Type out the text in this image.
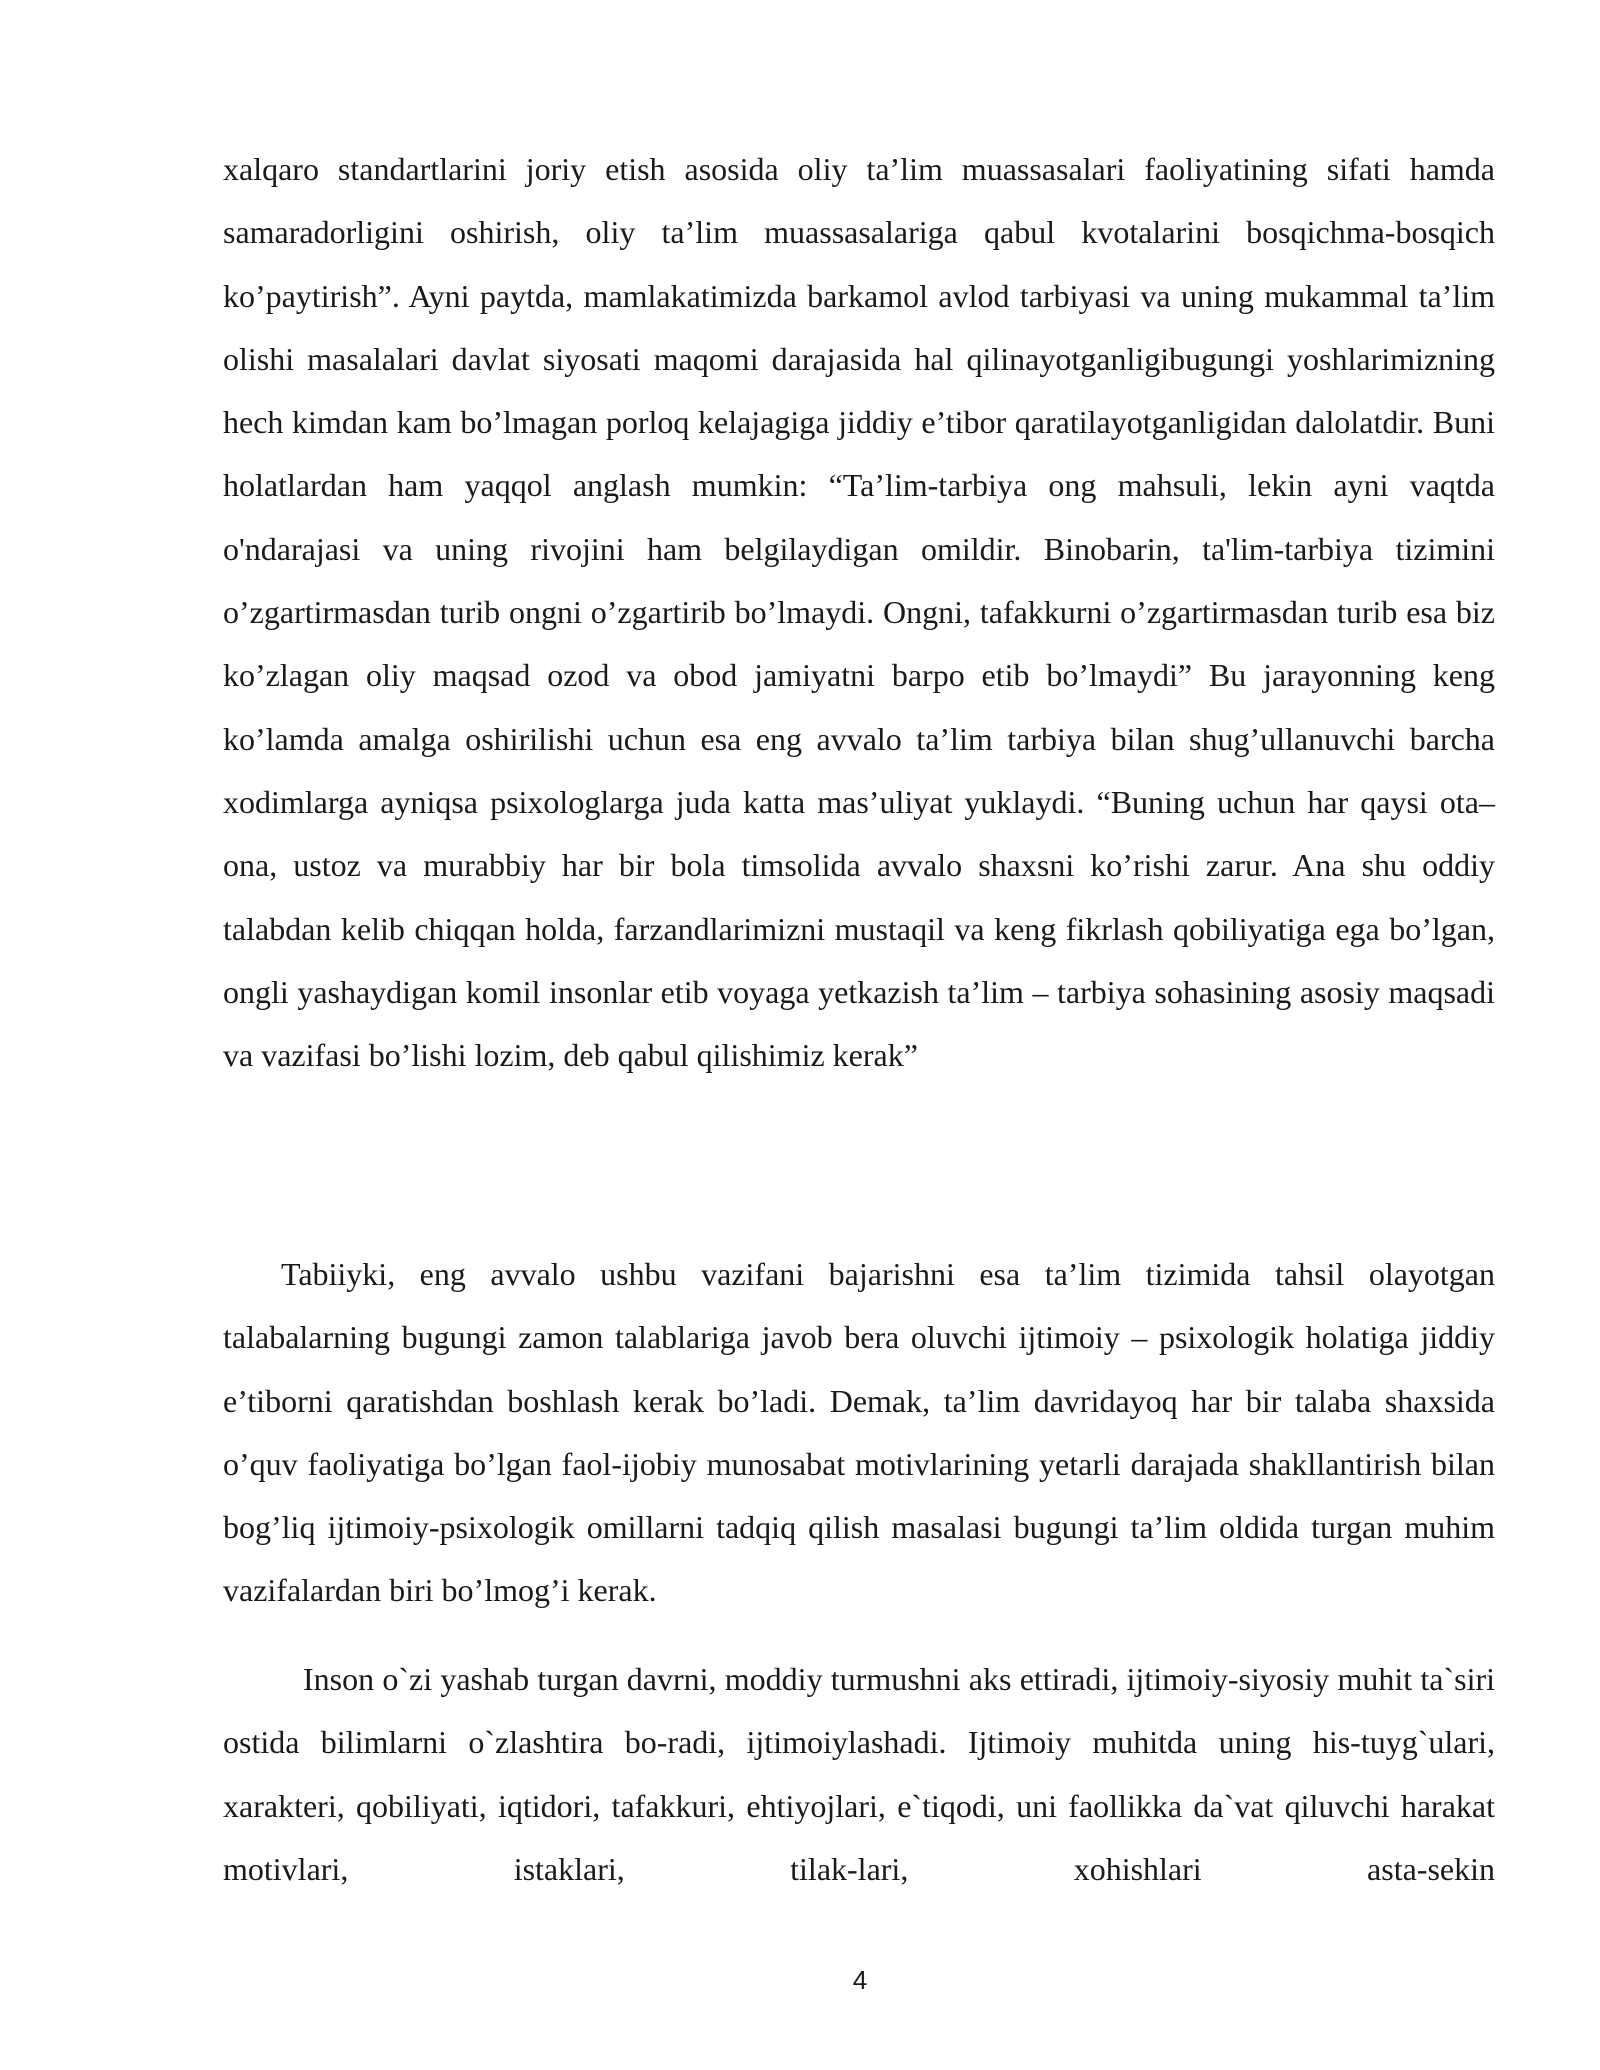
xalqaro standartlarini joriy etish asosida oliy ta’lim muassasalari faoliyatining sifati hamda samaradorligini oshirish, oliy ta’lim muassasalariga qabul kvotalarini bosqichma-bosqich ko’paytirish”. Ayni paytda, mamlakatimizda barkamol avlod tarbiyasi va uning mukammal ta’lim olishi masalalari davlat siyosati maqomi darajasida hal qilinayotganligibugungi yoshlarimizning hech kimdan kam bo’lmagan porloq kelajagiga jiddiy e’tibor qaratilayotganligidan dalolatdir. Buni holatlardan ham yaqqol anglash mumkin: “Ta’lim-tarbiya ong mahsuli, lekin ayni vaqtda o'ndarajasi va uning rivojini ham belgilaydigan omildir. Binobarin, ta'lim-tarbiya tizimini o’zgartirmasdan turib ongni o’zgartirib bo’lmaydi. Ongni, tafakkurni o’zgartirmasdan turib esa biz ko’zlagan oliy maqsad ozod va obod jamiyatni barpo etib bo’lmaydi” Bu jarayonning keng ko’lamda amalga oshirilishi uchun esa eng avvalo ta’lim tarbiya bilan shug’ullanuvchi barcha xodimlarga ayniqsa psixologlarga juda katta mas’uliyat yuklaydi. “Buning uchun har qaysi ota–ona, ustoz va murabbiy har bir bola timsolida avvalo shaxsni ko’rishi zarur. Ana shu oddiy talabdan kelib chiqqan holda, farzandlarimizni mustaqil va keng fikrlash qobiliyatiga ega bo’lgan, ongli yashaydigan komil insonlar etib voyaga yetkazish ta’lim – tarbiya sohasining asosiy maqsadi va vazifasi bo’lishi lozim, deb qabul qilishimiz kerak”

Tabiiyki, eng avvalo ushbu vazifani bajarishni esa ta’lim tizimida tahsil olayotgan talabalarning bugungi zamon talablariga javob bera oluvchi ijtimoiy – psixologik holatiga jiddiy e’tiborni qaratishdan boshlash kerak bo’ladi. Demak, ta’lim davridayoq har bir talaba shaxsida o’quv faoliyatiga bo’lgan faol-ijobiy munosabat motivlarining yetarli darajada shakllantirish bilan bog’liq ijtimoiy-psixologik omillarni tadqiq qilish masalasi bugungi ta’lim oldida turgan muhim vazifalardan biri bo’lmog’i kerak.

Inson o`zi yashab turgan davrni, moddiy turmushni aks ettiradi, ijtimoiy-siyosiy muhit ta`siri ostida bilimlarni o`zlashtira bo-radi, ijtimoiylashadi. Ijtimoiy muhitda uning his-tuyg`ulari, xarakteri, qobiliyati, iqtidori, tafakkuri, ehtiyojlari, e`tiqodi, uni faollikka da`vat qiluvchi harakat motivlari, istaklari, tilak-lari, xohishlari asta-sekin

4
